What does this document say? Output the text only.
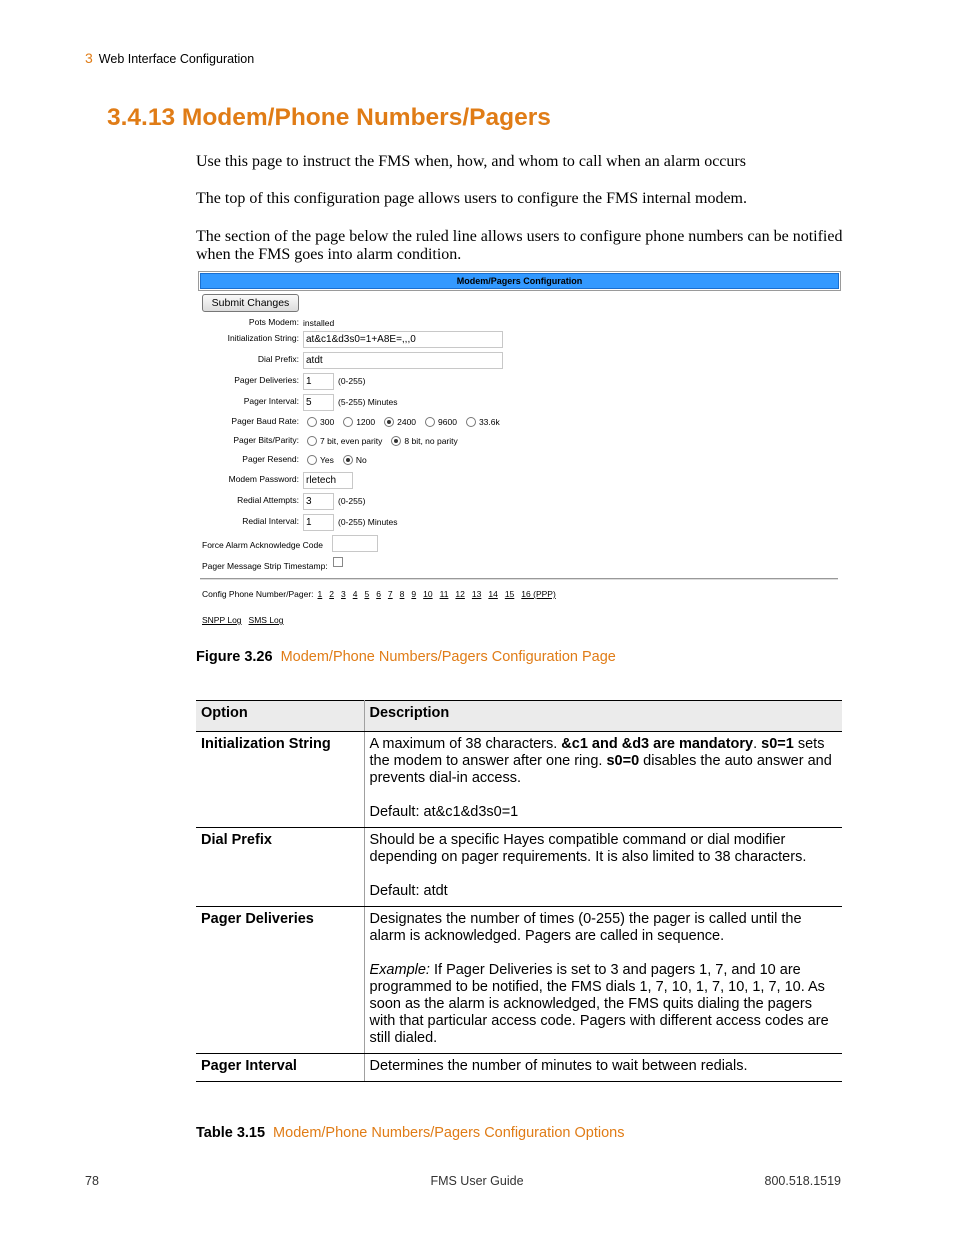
3 Web Interface Configuration
3.4.13 Modem/Phone Numbers/Pagers

Use this page to instruct the FMS when, how, and whom to call when an alarm occurs

The top of this configuration page allows users to configure the FMS internal modem.

The section of the page below the ruled line allows users to configure phone numbers can be notified when the FMS goes into alarm condition.

Modem/Pagers Configuration
Submit Changes
Pots Modem: installed
Initialization String: at&c1&d3s0=1+A8E=,,,0
Dial Prefix: atdt
Pager Deliveries: 1	(0-255)
Pager Interval: 5	(5-255) Minutes
Pager Baud Rate: 300	1200	2400	9600	33.6k
Pager Bits/Parity: 7 bit, even parity	8 bit, no parity
Pager Resend: Yes	No
Modem Password: rletech
Redial Attempts: 3	(0-255)
Redial Interval: 1	(0-255) Minutes
Force Alarm Acknowledge Code
Pager Message Strip Timestamp:
Config Phone Number/Pager: 1 2 3 4 5 6 7 8 9 10 11 12 13 14 15 16 (PPP)
SNPP Log SMS Log
Figure 3.26 Modem/Phone Numbers/Pagers Configuration Page
Option	Description
Initialization String	A maximum of 38 characters. &c1 and &d3 are mandatory. s0=1 sets the modem to answer after one ring. s0=0 disables the auto answer and prevents dial-in access.
Default: at&c1&d3s0=1

Dial Prefix	Should be a specific Hayes compatible command or dial modifier depending on pager requirements. It is also limited to 38 characters.
Default: atdt

Pager Deliveries	Designates the number of times (0-255) the pager is called until the alarm is acknowledged. Pagers are called in sequence.
Example: If Pager Deliveries is set to 3 and pagers 1, 7, and 10 are programmed to be notified, the FMS dials 1, 7, 10, 1, 7, 10, 1, 7, 10. As soon as the alarm is acknowledged, the FMS quits dialing the pagers with that particular access code. Pagers with different access codes are still dialed.

Pager Interval	Determines the number of minutes to wait between redials.
Table 3.15 Modem/Phone Numbers/Pagers Configuration Options
78	FMS User Guide	800.518.1519
